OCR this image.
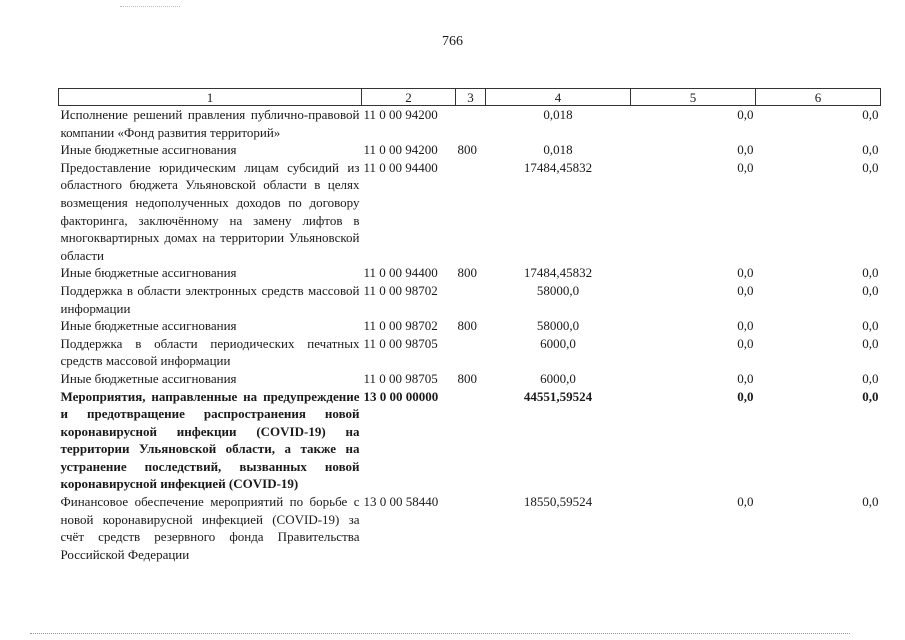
766
1	2	3	4	5	6
Исполнение решений правления публично-правовой компании «Фонд развития территорий»	11 0 00 94200		0,018	0,0	0,0
Иные бюджетные ассигнования	11 0 00 94200	800	0,018	0,0	0,0
Предоставление юридическим лицам субсидий из областного бюджета Ульяновской области в целях возмещения недополученных доходов по договору факторинга, заключённому на замену лифтов в многоквартирных домах на территории Ульяновской области	11 0 00 94400		17484,45832	0,0	0,0
Иные бюджетные ассигнования	11 0 00 94400	800	17484,45832	0,0	0,0
Поддержка в области электронных средств массовой информации	11 0 00 98702		58000,0	0,0	0,0
Иные бюджетные ассигнования	11 0 00 98702	800	58000,0	0,0	0,0
Поддержка в области периодических печатных средств массовой информации	11 0 00 98705		6000,0	0,0	0,0
Иные бюджетные ассигнования	11 0 00 98705	800	6000,0	0,0	0,0
Мероприятия, направленные на предупреждение и предотвращение распространения новой коронавирусной инфекции (COVID-19) на территории Ульяновской области, а также на устранение последствий, вызванных новой коронавирусной инфекцией (COVID-19)	13 0 00 00000		44551,59524	0,0	0,0
Финансовое обеспечение мероприятий по борьбе с новой коронавирусной инфекцией (COVID-19) за счёт средств резервного фонда Правительства Российской Федерации	13 0 00 58440		18550,59524	0,0	0,0
